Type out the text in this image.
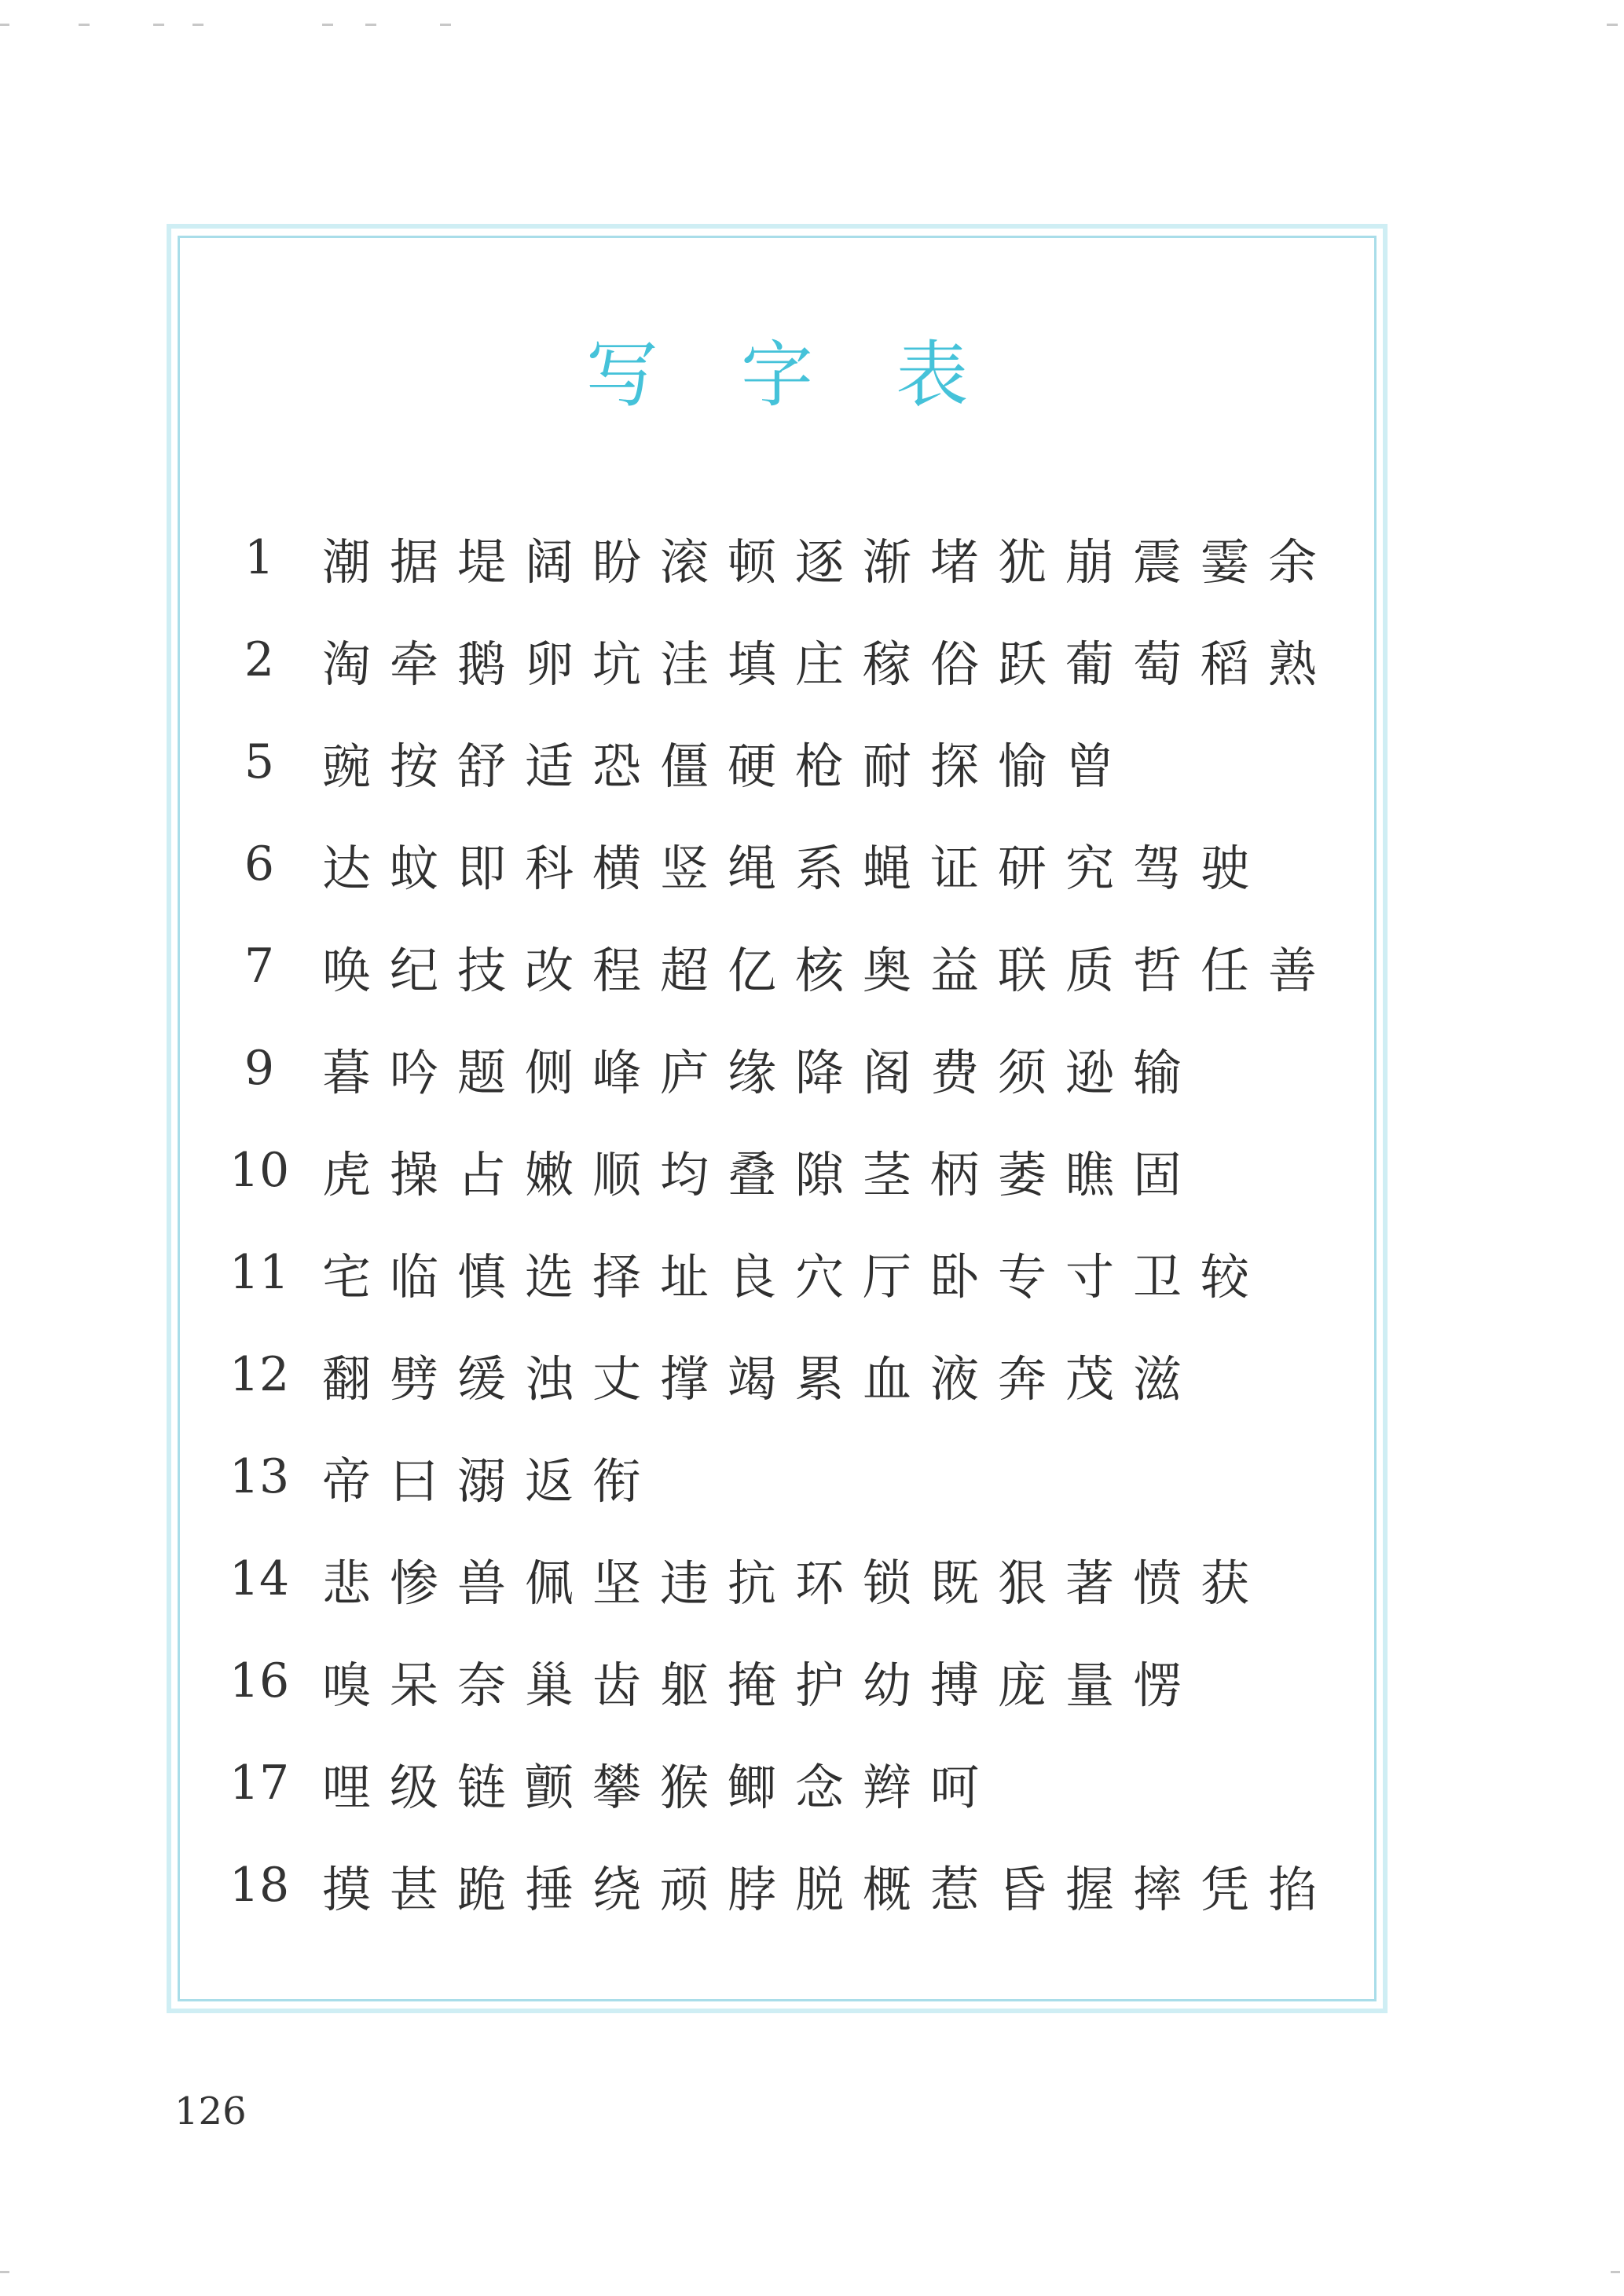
写 字 表
1 潮据堤阔盼滚顿逐渐堵犹崩震霎余
2 淘牵鹅卵坑洼填庄稼俗跃葡萄稻熟
5 豌按舒适恐僵硬枪耐探愉曾
6 达蚊即科横竖绳系蝇证研究驾驶
7 唤纪技改程超亿核奥益联质哲任善
9 暮吟题侧峰庐缘降阁费须逊输
10 虎操占嫩顺均叠隙茎柄萎瞧固
11 宅临慎选择址良穴厅卧专寸卫较
12 翻劈缓浊丈撑竭累血液奔茂滋
13 帝曰溺返衔
14 悲惨兽佩坚违抗环锁既狠著愤获
16 嗅呆奈巢齿躯掩护幼搏庞量愣
17 哩级链颤攀猴鲫念辫呵
18 摸甚跪捶绕顽脖脱概惹昏握摔凭掐
126
